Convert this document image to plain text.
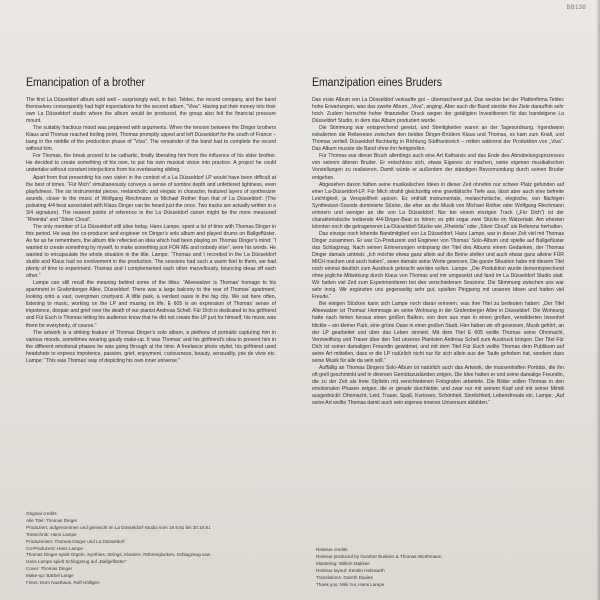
BB138
Emancipation of a brother

The first La Düsseldorf album sold well – surprisingly well, in fact. Teldec, the record company, and the band themselves consequently had high expectations for the second album, “Viva”. Having put their money into their own La Düsseldorf studio where the album would be produced, the group also felt the financial pressure mount.

The suitably fractious mood was peppered with arguments. When the tension between the Dinger brothers Klaus and Thomas reached boiling point, Thomas promptly upped and left Düsseldorf for the south of France – bang in the middle of the production phase of “Viva”. The remainder of the band had to complete the record without him.

For Thomas, the break proved to be cathartic, finally liberating him from the influence of his elder brother. He decided to create something of his own, to put his own musical vision into practice. A project he could undertake without constant interjections from his overbearing sibling.

Apart from that presenting his own vision in the context of a La Düsseldorf LP would have been difficult at the best of times. “Für Mich” simultaneously conveys a sense of sombre depth and unfettered lightness, even playfulness. The six instrumental pieces, melancholic and elegaic in character, featured layers of synthesizer sounds, closer to the music of Wolfgang Riechmann or Michael Rother than that of La Düsseldorf. (The pulsating 4/4 beat associated with Klaus Dinger can be heard just the once. Two tracks are actually written in a 3/4 signature). The nearest points of reference in the La Düsseldorf canon might be the more measured “Rheinita” and “Silver Cloud”.

The only member of La Düsseldorf still alive today, Hans Lampe, spent a lot of time with Thomas Dinger in this period. He was the co-producer and engineer on Dinger’s solo album and played drums on Ballgeflüster. As far as he remembers, the album title reflected an idea which had been playing on Thomas Dinger’s mind: “I wanted to create something by myself, to make something just FOR ME and nobody else”, were his words. He wanted to encapsulate the whole situation in the title. Lampe: “Thomas and I recorded in the La Düsseldorf studio and Klaus had no involvement in the production. The sessions had such a warm feel to them, we had plenty of time to experiment. Thomas and I complemented each other marvellously, bouncing ideas off each other.”

Lampe can still recall the meaning behind some of the titles: “Alleewalzer is Thomas’ homage to his apartment in Grafenberger Allee, Düsseldorf. There was a large balcony to the rear of Thomas’ apartment, looking onto a vast, overgrown courtyard. A little park, a verdant oasis in the big city. We sat here often, listening to music, working on the LP and musing on life. E 605 is an expression of Thomas’ sense of impotence, despair and grief over the death of our pianist Andreas Schell. Für Dich is dedicated to his girlfriend and Für Euch is Thomas letting his audience know that he did not create the LP just for himself, his music was there for everybody, of course.”

The artwork is a striking feature of Thomas Dinger’s solo album, a plethora of portraits capturing him in various moods, sometimes wearing gaudy make-up. It was Thomas’ and his girlfriend’s idea to present him in the different emotional phases he was going through at the time. A freelance photo stylist, his girlfriend used headshots to express impotence, passion, grief, enjoyment, curiousness, beauty, sensuality, joie de vivre etc. Lampe: “This was Thomas’ way of depicting his own inner universe.”

Emanzipation eines Bruders

Das erste Album von La Düsseldorf verkaufte gut – überraschend gut. Das weckte bei der Plattenfirma Teldec hohe Erwartungen, was das zweite Album, „Viva“, anging. Aber auch die Band steckte ihre Ziele daraufhin sehr hoch. Zudem herrschte hoher finanzieller Druck wegen der getätigten Investitionen für das bandeigene La Düsseldorf Studio, in dem das Album produziert wurde.

Die Stimmung war entsprechend gereizt, und Streitigkeiten waren an der Tagesordnung. Irgendwann eskalierten die Reibereien zwischen den beiden Dinger-Brüdern Klaus und Thomas, es kam zum Knall, und Thomas verließ Düsseldorf fluchtartig in Richtung Südfrankreich – mitten während der Produktion von „Viva“. Das Album musste die Band ohne ihn fertigstellen.

Für Thomas war dieser Bruch allerdings auch eine Art Katharsis und das Ende des Abnabelungsprozesses von seinem älteren Bruder. Er entschloss sich, etwas Eigenes zu machen, seine eigenen musikalischen Vorstellungen zu realisieren. Damit würde er außerdem der ständigen Bevormundung durch seinen Bruder entgehen.

Abgesehen davon hätten seine musikalischen Ideen in dieser Zeit ohnehin nur schwer Platz gefunden auf einer La-Düsseldorf-LP. Für Mich strahlt gleichzeitig eine gravitätische Tiefe aus, lässt aber auch eine befreite Leichtigkeit, ja Verspieltheit spüren. Es enthält instrumentale, melancholische, elegische, von flächigen Synthesizer-Sounds dominierte Stücke, die eher an die Musik von Michael Rother oder Wolfgang Riechmann erinnern und weniger an die von La Düsseldorf. Nur bei einem einzigen Track („Für Dich“) ist der charakteristische treibende 4/4-Dinger-Beat zu hören; es gibt sogar zwei Stücke im Walzertakt. Am ehesten könnten noch die getrageneren La-Düsseldorf-Stücke wie „Rheinita“ oder „Silver Cloud“ als Referenz herhalten.

Das einzige noch lebende Bandmitglied von La Düsseldorf, Hans Lampe, war in dieser Zeit viel mit Thomas Dinger zusammen. Er war Co-Produzent und Engineer von Thomas’ Solo-Album und spielte auf Ballgeflüster das Schlagzeug. Nach seinen Erinnerungen entsprang der Titel des Albums einem Gedanken, der Thomas Dinger damals umtrieb: „Ich möchte etwas ganz allein auf die Beine stellen und auch etwas ganz alleine FÜR MICH machen und auch haben“, seien damals seine Worte gewesen. Die ganze Situation habe mit diesem Titel noch einmal deutlich zum Ausdruck gebracht werden sollen. Lampe: „Die Produktion wurde dementsprechend ohne jegliche Mitwirkung durch Klaus von Thomas und mir umgesetzt und fand im La Düsseldorf Studio statt. Wir hatten viel Zeit zum Experimentieren bei den verschiedenen Sessions. Die Stimmung zwischen uns war sehr innig. Wir ergänzten uns gegenseitig sehr gut, spielten Pingpong mit unseren Ideen und hatten viel Freude.“

Bei einigen Stücken kann sich Lampe noch daran erinnern, was ihre Titel zu bedeuten haben: „Der Titel Alleewalzer ist Thomas’ Hommage an seine Wohnung in der Grafenberger Allee in Düsseldorf. Die Wohnung hatte nach hinten heraus einen großen Balkon, von dem aus man in einen großen, verwilderten Innenhof blickte – ein kleiner Park, eine grüne Oase in einer großen Stadt. Hier haben wir oft gesessen, Musik gehört, an der LP gearbeitet und über das Leben sinniert. Mit dem Titel E 605 wollte Thomas seine Ohnmacht, Verzweiflung und Trauer über den Tod unseres Pianisten Andreas Schell zum Ausdruck bringen. Der Titel Für Dich ist seiner damaligen Freundin gewidmet, und mit dem Titel Für Euch wollte Thomas dem Publikum auf seine Art mitteilen, dass er die LP natürlich nicht nur für sich allein aus der Taufe gehoben hat, sondern dass seine Musik für alle da sein soll.“

Auffällig an Thomas Dingers Solo-Album ist natürlich auch das Artwork, die massenhaften Porträts, die ihn oft grell geschminkt und in diversen Gemütszuständen zeigen. Die Idee hatten er und seine damalige Freundin, die zu der Zeit als freie Stylistin mit verschiedenen Fotografen arbeitete. Die Bilder sollen Thomas in den emotionalen Phasen zeigen, die er gerade durchlebte, und zwar nur mit seinem Kopf und mit seiner Mimik ausgedrückt: Ohnmacht, Leid, Trauer, Spaß, Kuriosen, Schönheit, Sinnlichkeit, Lebensfreude etc. Lampe: „Auf seine Art wollte Thomas damit auch sein eigenes inneres Universum abbilden.“

Original credits
Alle Titel: Thomas Dinger
Produziert, aufgenommen und gemischt im La Düsseldorf-Studio vom 19.8.81 bis 30.10.81
Tontechnik: Hans Lampe
Produzenten: Thomas Dinger und La Düsseldorf
Co-Produzent: Hans Lampe
Thomas Dinger spielt Orgeln, Synthies, Strings, Klaviere, Röhrenglocken, Schlagzeug usw.
Hans Lampe spielt Schlagzeug auf „Ballgeflüster“
Cover: Thomas Dinger
Make-up: Bärbel Lange
Fotos: Dorn Nuethaus, Rolf Hölligen
Reissue credits
Reissue produced by Gunther Buskies & Thomas Worthmann
Mastering: Willem Makkee
Reissue layout: Kerstin Holzwarth
Translations: Gareth Davies
Thank you: Miki Yui, Hans Lampe
